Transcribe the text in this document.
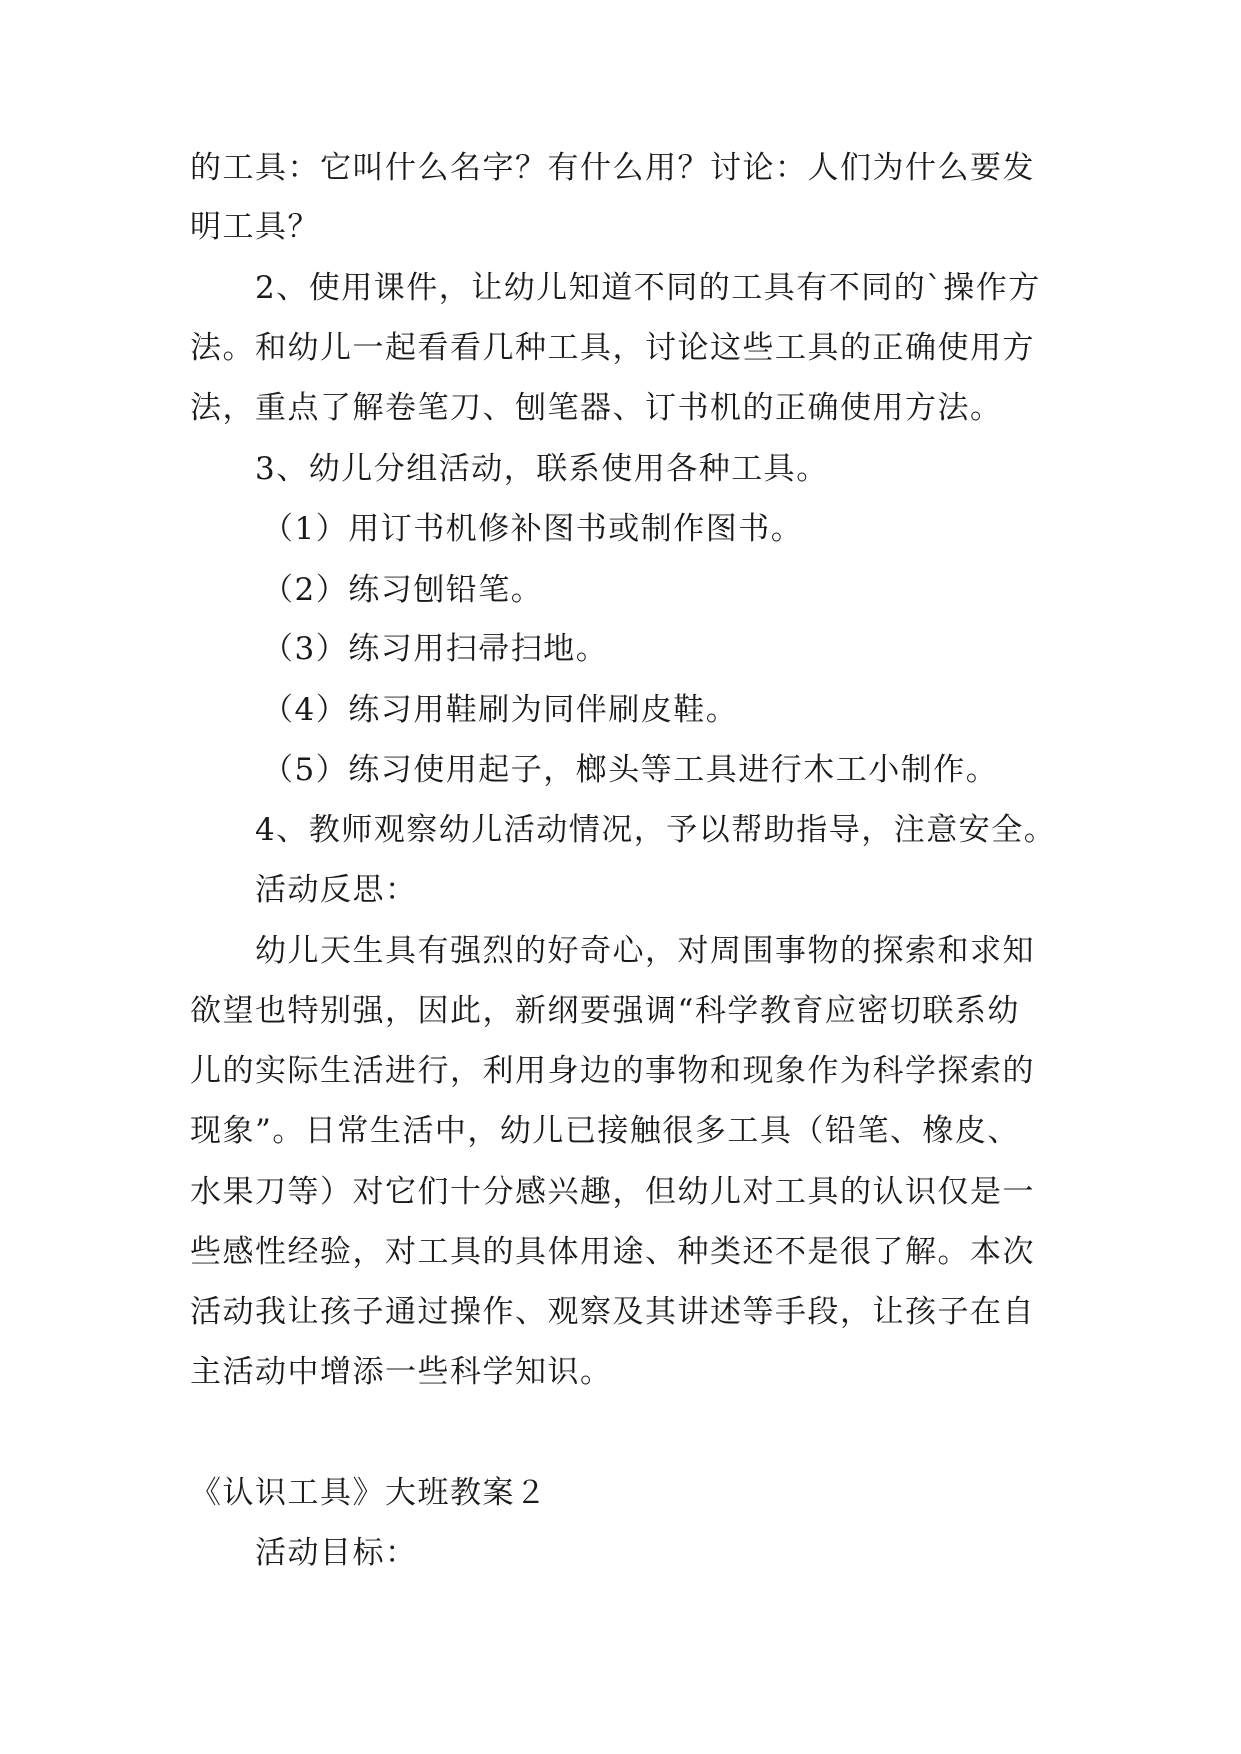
的工具：它叫什么名字？有什么用？讨论：人们为什么要发
明工具？
2、使用课件，让幼儿知道不同的工具有不同的`操作方
法。和幼儿一起看看几种工具，讨论这些工具的正确使用方
法，重点了解卷笔刀、刨笔器、订书机的正确使用方法。
3、幼儿分组活动，联系使用各种工具。
（1）用订书机修补图书或制作图书。
（2）练习刨铅笔。
（3）练习用扫帚扫地。
（4）练习用鞋刷为同伴刷皮鞋。
（5）练习使用起子，榔头等工具进行木工小制作。
4、教师观察幼儿活动情况，予以帮助指导，注意安全。
活动反思：
幼儿天生具有强烈的好奇心，对周围事物的探索和求知
欲望也特别强，因此，新纲要强调“科学教育应密切联系幼
儿的实际生活进行，利用身边的事物和现象作为科学探索的
现象”。日常生活中，幼儿已接触很多工具（铅笔、橡皮、
水果刀等）对它们十分感兴趣，但幼儿对工具的认识仅是一
些感性经验，对工具的具体用途、种类还不是很了解。本次
活动我让孩子通过操作、观察及其讲述等手段，让孩子在自
主活动中增添一些科学知识。
《认识工具》大班教案２
活动目标：
